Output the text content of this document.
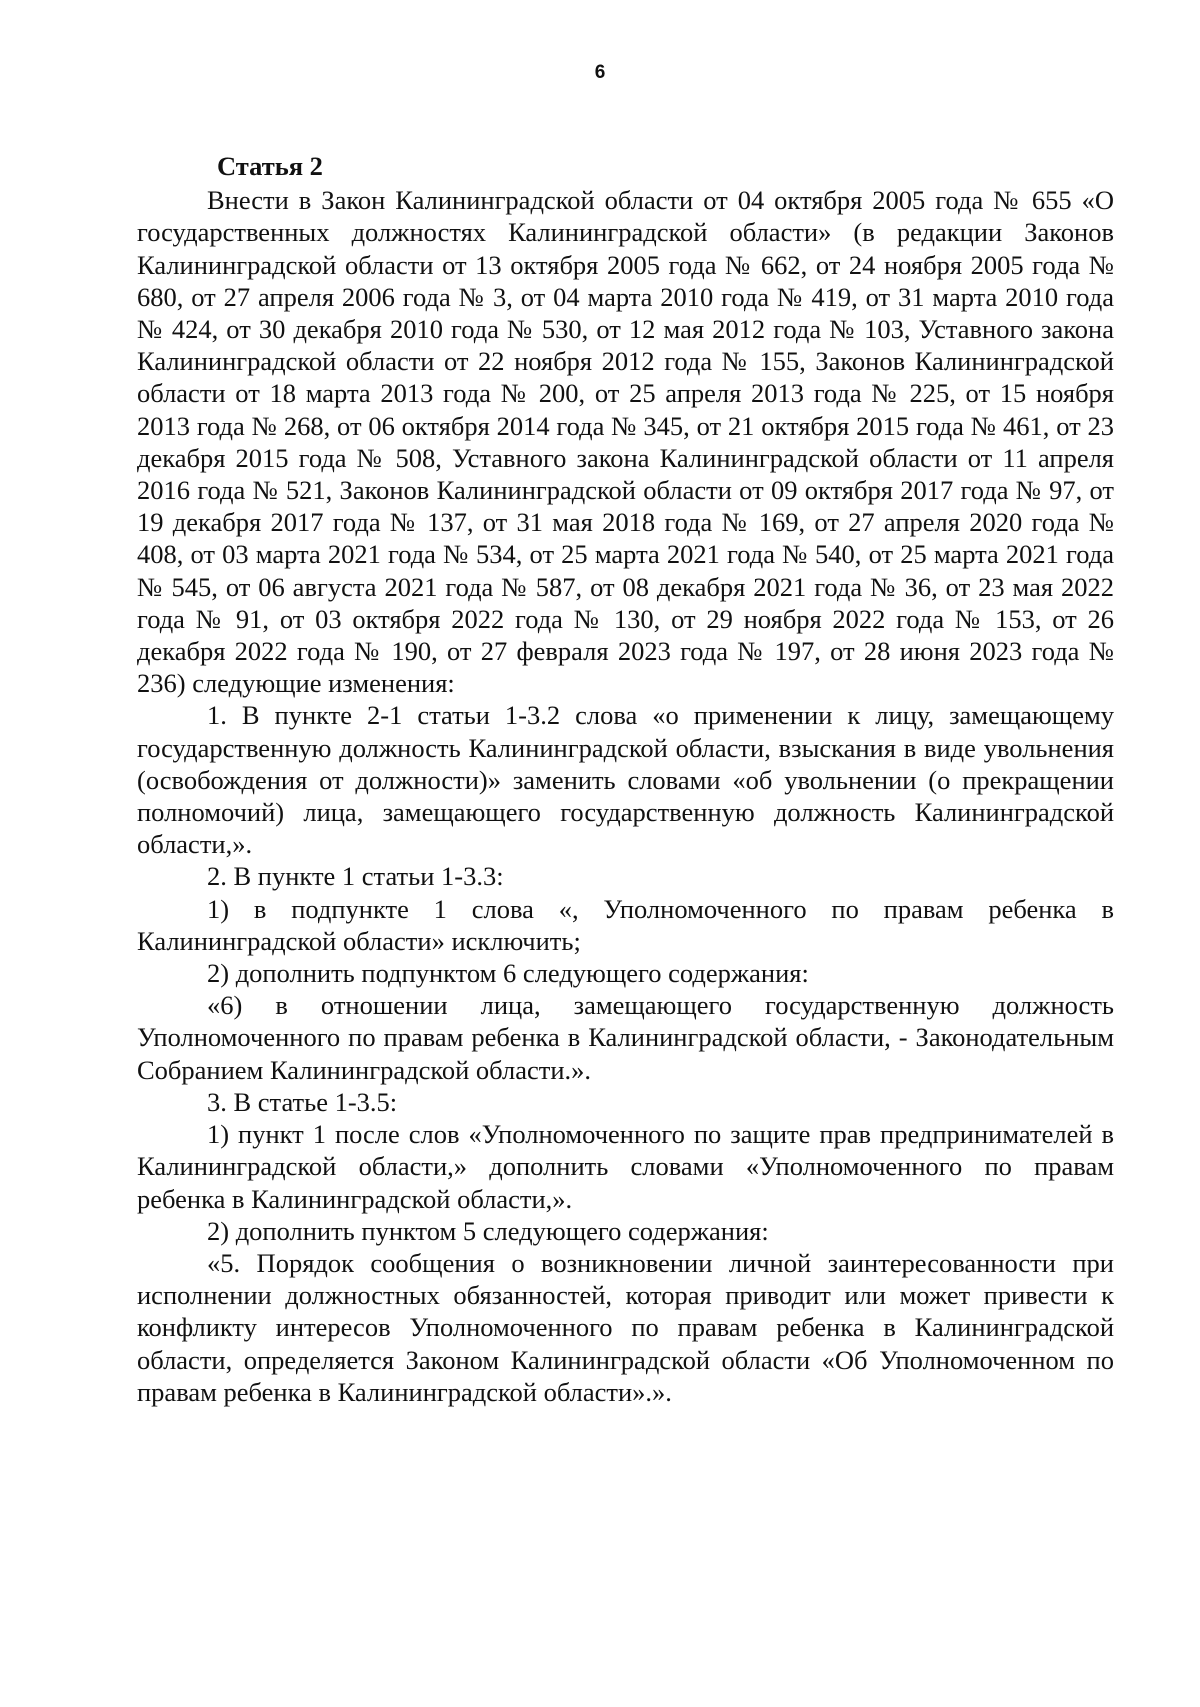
6

Статья 2

Внести в Закон Калининградской области от 04 октября 2005 года № 655 «О государственных должностях Калининградской области» (в редакции Законов Калининградской области от 13 октября 2005 года № 662, от 24 ноября 2005 года № 680, от 27 апреля 2006 года № 3, от 04 марта 2010 года № 419, от 31 марта 2010 года № 424, от 30 декабря 2010 года № 530, от 12 мая 2012 года № 103, Уставного закона Калининградской области от 22 ноября 2012 года № 155, Законов Калининградской области от 18 марта 2013 года № 200, от 25 апреля 2013 года № 225, от 15 ноября 2013 года № 268, от 06 октября 2014 года № 345, от 21 октября 2015 года № 461, от 23 декабря 2015 года № 508, Уставного закона Калининградской области от 11 апреля 2016 года № 521, Законов Калининградской области от 09 октября 2017 года № 97, от 19 декабря 2017 года № 137, от 31 мая 2018 года № 169, от 27 апреля 2020 года № 408, от 03 марта 2021 года № 534, от 25 марта 2021 года № 540, от 25 марта 2021 года № 545, от 06 августа 2021 года № 587, от 08 декабря 2021 года № 36, от 23 мая 2022 года № 91, от 03 октября 2022 года № 130, от 29 ноября 2022 года № 153, от 26 декабря 2022 года № 190, от 27 февраля 2023 года № 197, от 28 июня 2023 года № 236) следующие изменения:

1. В пункте 2-1 статьи 1-3.2 слова «о применении к лицу, замещающему государственную должность Калининградской области, взыскания в виде увольнения (освобождения от должности)» заменить словами «об увольнении (о прекращении полномочий) лица, замещающего государственную должность Калининградской области,».

2. В пункте 1 статьи 1-3.3:

1) в подпункте 1 слова «, Уполномоченного по правам ребенка в Калининградской области» исключить;

2) дополнить подпунктом 6 следующего содержания:

«6) в отношении лица, замещающего государственную должность Уполномоченного по правам ребенка в Калининградской области, - Законодательным Собранием Калининградской области.».

3. В статье 1-3.5:

1) пункт 1 после слов «Уполномоченного по защите прав предпринимателей в Калининградской области,» дополнить словами «Уполномоченного по правам ребенка в Калининградской области,».

2) дополнить пунктом 5 следующего содержания:

«5. Порядок сообщения о возникновении личной заинтересованности при исполнении должностных обязанностей, которая приводит или может привести к конфликту интересов Уполномоченного по правам ребенка в Калининградской области, определяется Законом Калининградской области «Об Уполномоченном по правам ребенка в Калининградской области».».
